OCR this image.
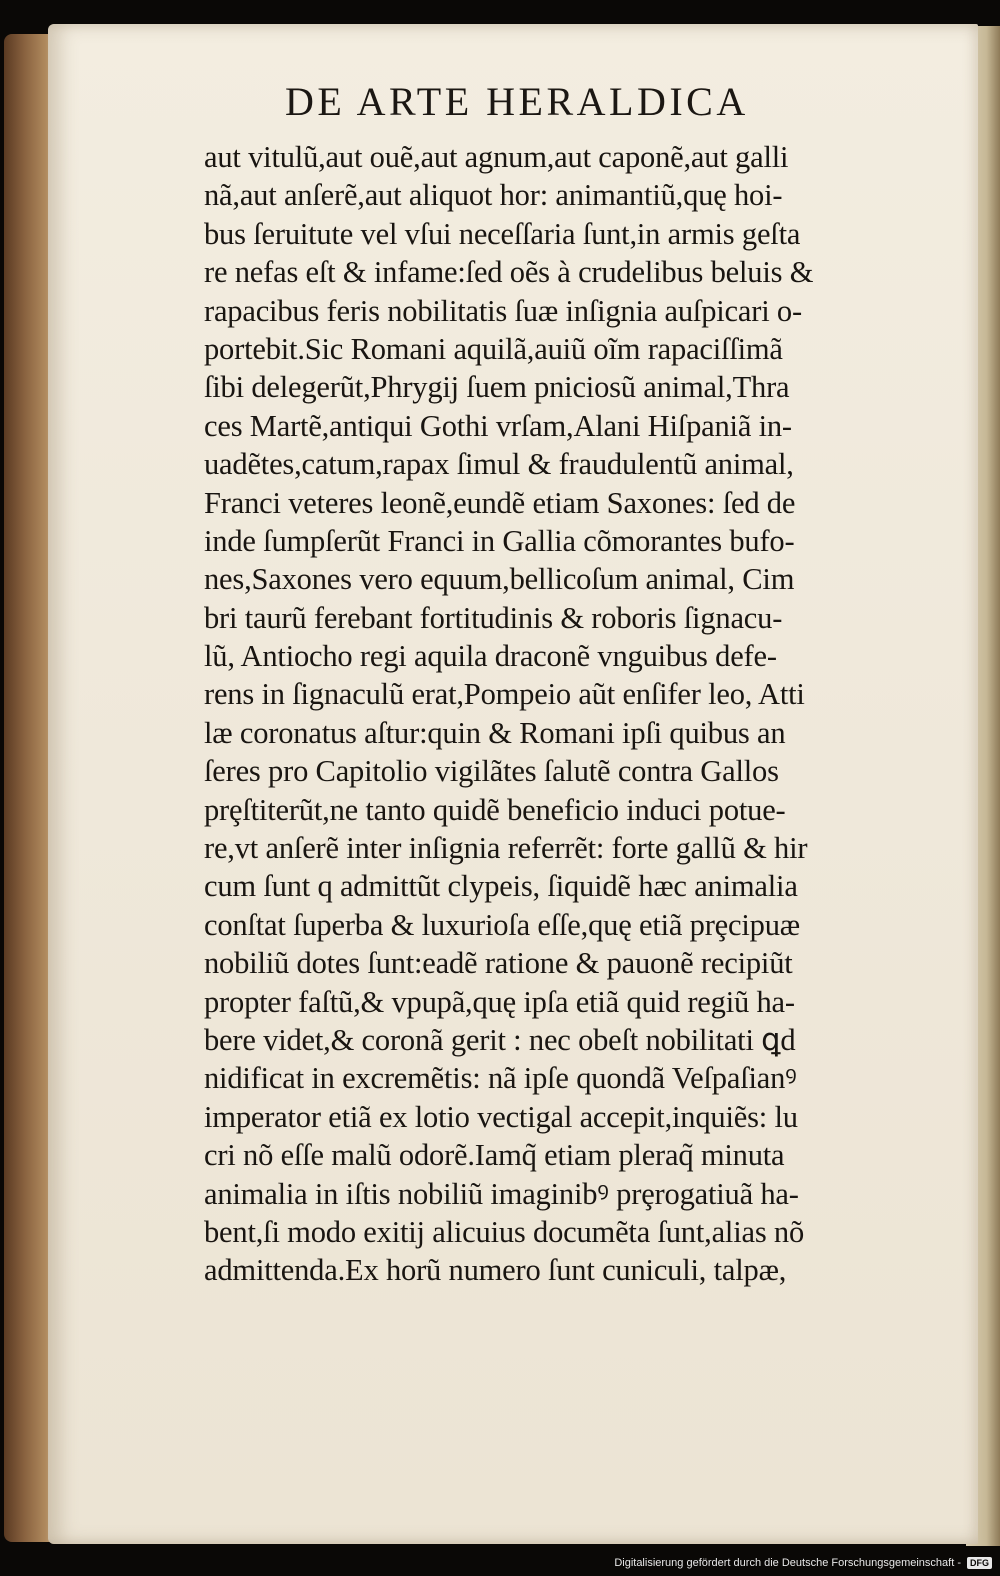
DE ARTE HERALDICA
aut vitulũ,aut ouẽ,aut agnum,aut caponẽ,aut galli
nã,aut anſerẽ,aut aliquot hor: animantiũ,quę hoi-
bus ſeruitute vel vſui neceſſaria ſunt,in armis geſta
re nefas eſt & infame:ſed oẽs à crudelibus beluis &
rapacibus feris nobilitatis ſuæ inſignia auſpicari o-
portebit.Sic Romani aquilã,auiũ oĩm rapaciſſimã
ſibi delegerũt,Phrygij ſuem pniciosũ animal,Thra
ces Martẽ,antiqui Gothi vrſam,Alani Hiſpaniã in-
uadẽtes,catum,rapax ſimul & fraudulentũ animal,
Franci veteres leonẽ,eundẽ etiam Saxones: ſed de
inde ſumpſerũt Franci in Gallia cõmorantes bufo-
nes,Saxones vero equum,bellicoſum animal, Cim
bri taurũ ferebant fortitudinis & roboris ſignacu-
lũ, Antiocho regi aquila draconẽ vnguibus defe-
rens in ſignaculũ erat,Pompeio aũt enſifer leo, Atti
læ coronatus aſtur:quin & Romani ipſi quibus an
ſeres pro Capitolio vigilãtes ſalutẽ contra Gallos
prȩſtiterũt,ne tanto quidẽ beneficio induci potue-
re,vt anſerẽ inter inſignia referrẽt: forte gallũ & hir
cum ſunt q admittũt clypeis, ſiquidẽ hæc animalia
conſtat ſuperba & luxurioſa eſſe,quę etiã prȩcipuæ
nobiliũ dotes ſunt:eadẽ ratione & pauonẽ recipiũt
propter faſtũ,& vpupã,quę ipſa etiã quid regiũ ha-
bere videt,& coronã gerit : nec obeſt nobilitati ꝗd
nidificat in excremẽtis: nã ipſe quondã Veſpaſianꝰ
imperator etiã ex lotio vectigal accepit,inquiẽs: lu
cri nõ eſſe malũ odorẽ.Iamq̃ etiam pleraq̃ minuta
animalia in iſtis nobiliũ imaginibꝰ prȩrogatiuã ha-
bent,ſi modo exitij alicuius documẽta ſunt,alias nõ
admittenda.Ex horũ numero ſunt cuniculi, talpæ,
Digitalisierung gefördert durch die Deutsche Forschungsgemeinschaft -	DFG
